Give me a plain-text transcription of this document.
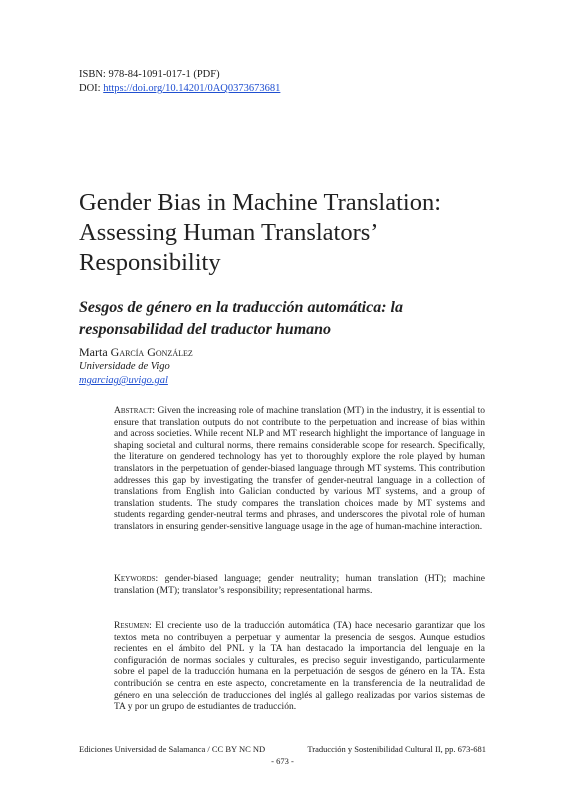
ISBN: 978-84-1091-017-1 (PDF)
DOI: https://doi.org/10.14201/0AQ0373673681
Gender Bias in Machine Translation: Assessing Human Translators’ Responsibility
Sesgos de género en la traducción automática: la responsabilidad del traductor humano
Marta García González
Universidade de Vigo
mgarciag@uvigo.gal

Abstract: Given the increasing role of machine translation (MT) in the industry, it is essential to ensure that translation outputs do not contribute to the perpetuation and increase of bias within and across societies. While recent NLP and MT research highlight the importance of language in shaping societal and cultural norms, there remains considerable scope for research. Specifically, the literature on gendered technology has yet to thoroughly explore the role played by human translators in the perpetuation of gender-biased language through MT systems. This contribution addresses this gap by investigating the transfer of gender-neutral language in a collection of translations from English into Galician conducted by various MT systems, and a group of translation students. The study compares the translation choices made by MT systems and students regarding gender-neutral terms and phrases, and underscores the pivotal role of human translators in ensuring gender-sensitive language usage in the age of human-machine interaction.

Keywords: gender-biased language; gender neutrality; human translation (HT); machine translation (MT); translator’s responsibility; representational harms.

Resumen: El creciente uso de la traducción automática (TA) hace necesario garantizar que los textos meta no contribuyen a perpetuar y aumentar la presencia de sesgos. Aunque estudios recientes en el ámbito del PNL y la TA han destacado la importancia del lenguaje en la configuración de normas sociales y culturales, es preciso seguir investigando, particularmente sobre el papel de la traducción humana en la perpetuación de sesgos de género en la TA. Esta contribución se centra en este aspecto, concretamente en la transferencia de la neutralidad de género en una selección de traducciones del inglés al gallego realizadas por varios sistemas de TA y por un grupo de estudiantes de traducción.

Ediciones Universidad de Salamanca / CC BY NC ND	Traducción y Sostenibilidad Cultural II, pp. 673-681
- 673 -
